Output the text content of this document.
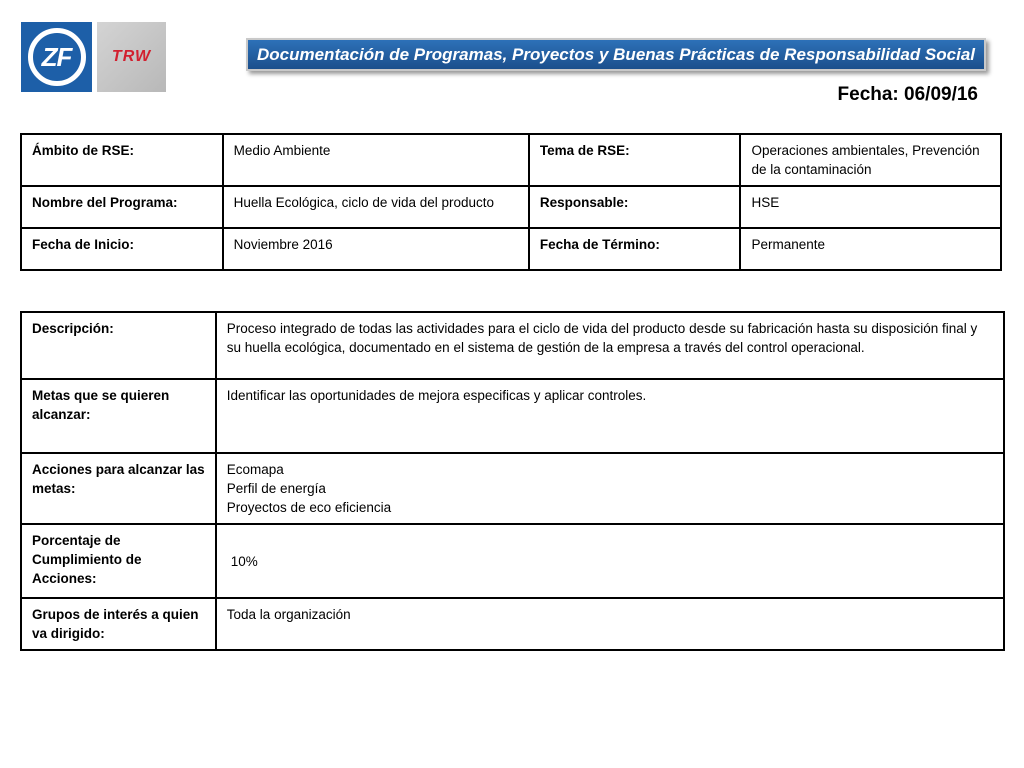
ZF	TRW	Documentación de Programas, Proyectos y Buenas Prácticas de Responsabilidad Social
Fecha: 06/09/16
Ámbito de RSE:	Medio Ambiente	Tema de RSE:	Operaciones ambientales, Prevención de la contaminación
Nombre del Programa:	Huella Ecológica, ciclo de vida del producto	Responsable:	HSE
Fecha de Inicio:	Noviembre 2016	Fecha de Término:	Permanente
Descripción:	Proceso integrado de todas las actividades para el ciclo de vida del producto desde su fabricación hasta su disposición final y su huella ecológica, documentado en el sistema de gestión de la empresa a través del control operacional.
Metas que se quieren alcanzar:	Identificar las oportunidades de mejora especificas y aplicar controles.
Acciones para alcanzar las metas:	Ecomapa
Perfil de energía
Proyectos de eco eficiencia

Porcentaje de Cumplimiento de Acciones:	10%
Grupos de interés a quien va dirigido:	Toda la organización
